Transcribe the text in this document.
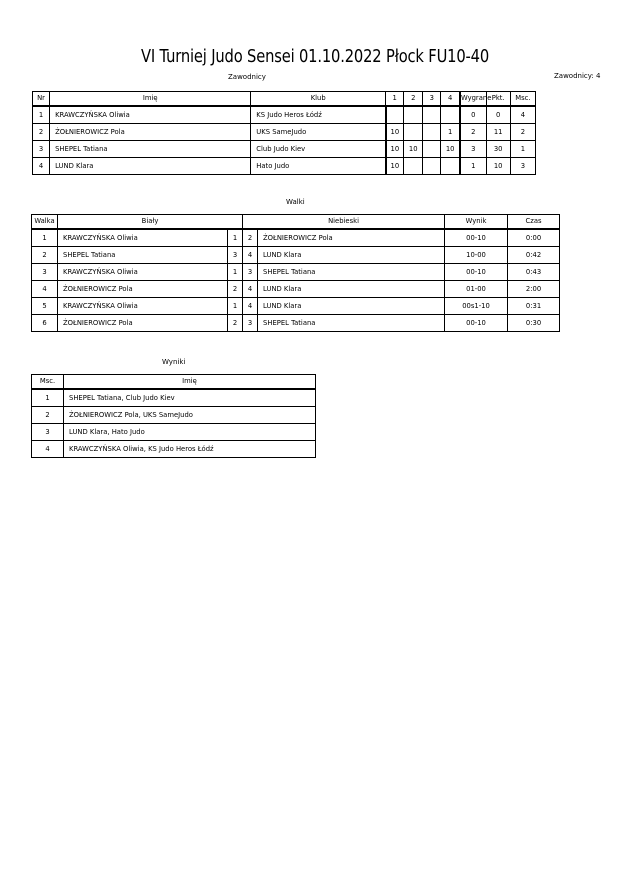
VI Turniej Judo Sensei 01.10.2022 Płock FU10-40
Zawodnicy	Zawodnicy: 4
Nr	Imię	Klub	1	2	3	4	Wygrane	Pkt.	Msc.
1	KRAWCZYŃSKA Oliwia	KS Judo Heros Łódź					0	0	4
2	ŻOŁNIEROWICZ Pola	UKS SameJudo	10			1	2	11	2
3	SHEPEL Tatiana	Club Judo Kiev	10	10		10	3	30	1
4	LUND Klara	Hato Judo	10				1	10	3
Walki
Walka	Biały		Niebieski		Wynik	Czas
1	KRAWCZYŃSKA Oliwia	1	2	ŻOŁNIEROWICZ Pola	00-10	0:00
2	SHEPEL Tatiana	3	4	LUND Klara	10-00	0:42
3	KRAWCZYŃSKA Oliwia	1	3	SHEPEL Tatiana	00-10	0:43
4	ŻOŁNIEROWICZ Pola	2	4	LUND Klara	01-00	2:00
5	KRAWCZYŃSKA Oliwia	1	4	LUND Klara	00s1-10	0:31
6	ŻOŁNIEROWICZ Pola	2	3	SHEPEL Tatiana	00-10	0:30
Wyniki
Msc.	Imię
1	SHEPEL Tatiana, Club Judo Kiev
2	ŻOŁNIEROWICZ Pola, UKS SameJudo
3	LUND Klara, Hato Judo
4	KRAWCZYŃSKA Oliwia, KS Judo Heros Łódź
